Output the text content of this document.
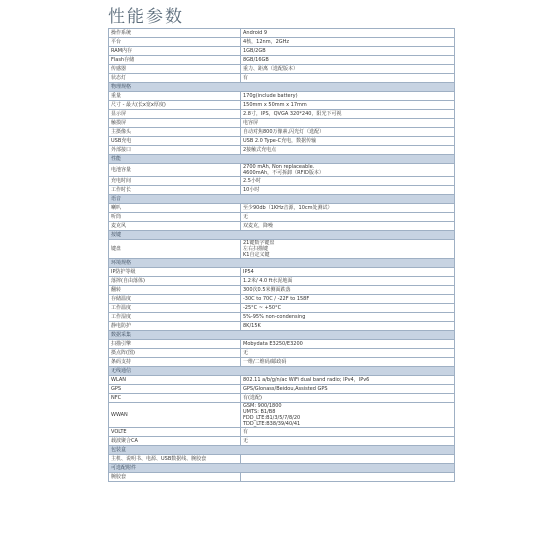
性能参数
操作系统	Android 9
平台	4核，12nm，2GHz
RAM内存	1GB/2GB
Flash存储	8GB/16GB
传感器	重力、距离（选配版本）
状态灯	有
物理规格	
重量	170g(include battery)
尺寸 - 最大(长x宽x厚度)	150mm x 50mm x 17mm
显示屏	2.8寸，IPS，QVGA 320*240，阳光下可视
触摸屏	电容屏
主摄像头	自动对焦800万像素,闪光灯（选配）
USB充电	USB 2.0 Type-C充电，数据传输
外部接口	2接触式充电点
性能	
电池容量	2700 mAh, Non replaceable.
4600mAh，不可拆卸（RFID版本）

充电时间	2.5小时
工作时长	10小时
语音	
喇叭	至少90db（1KHz音源，10cm处测试）
听筒	无
麦克风	双麦克，降噪
按键	
键盘	21键数字键盘
左右扫描键
K1自定义键

环境规格	
IP防护等级	IP54
落摔(自由落体)	1.2米/ 4.0 ft水泥地面
翻转	300次0.5米侧面跌落
存储温度	-30C to 70C / -22F to 158F
工作温度	-25°C ~ +50°C
工作湿度	5%-95% non-condensing
静电防护	8K/15K
数据采集	
扫描引擎	Mobydata E3250/E3200
摄点阵(图)	无
条码支持	一维/二维码/邮政码
无线通信	
WLAN	802.11 a/b/g/n/ac WiFi dual band radio; IPv4，IPv6
GPS	GPS/Glonass/Beidou,Assisted GPS
NFC	有(选配)
WWAN	GSM: 900/1800
UMTS: B1/B8
FDD_LTE:B1/3/5/7/8/20
TDD_LTE:B38/39/40/41

VOLTE	有
载波聚合CA	无
包装盒	
主机、说明书、电源、USB数据线、腕胶套	
可选配附件	
腕胶套	
